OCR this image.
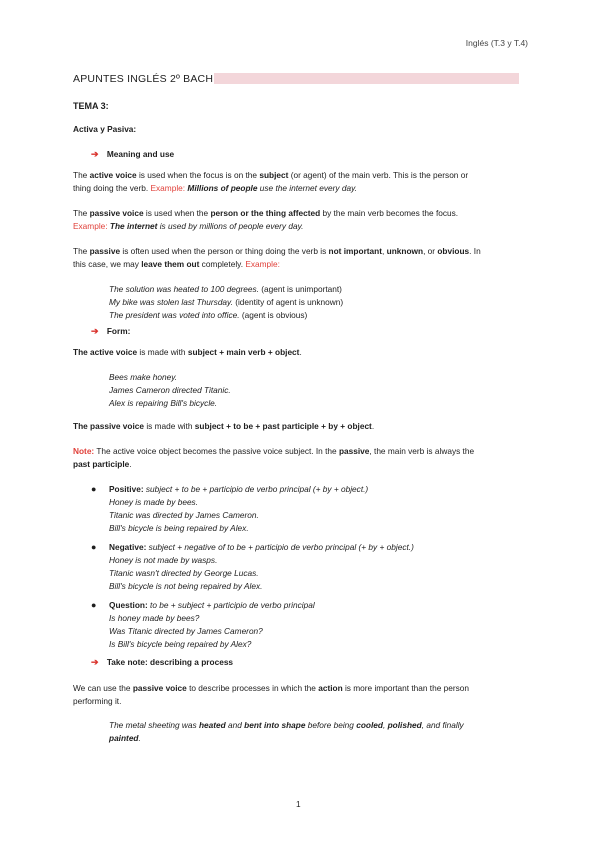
Inglés (T.3 y T.4)
APUNTES INGLÉS 2º BACH
TEMA 3:
Activa y Pasiva:
➔ Meaning and use
The active voice is used when the focus is on the subject (or agent) of the main verb. This is the person or
thing doing the verb. Example: Millions of people use the internet every day.
The passive voice is used when the person or the thing affected by the main verb becomes the focus.
Example: The internet is used by millions of people every day.
The passive is often used when the person or thing doing the verb is not important, unknown, or obvious. In
this case, we may leave them out completely. Example:
The solution was heated to 100 degrees. (agent is unimportant)
My bike was stolen last Thursday. (identity of agent is unknown)
The president was voted into office. (agent is obvious)
➔ Form:
The active voice is made with subject + main verb + object.
Bees make honey.
James Cameron directed Titanic.
Alex is repairing Bill's bicycle.
The passive voice is made with subject + to be + past participle + by + object.
Note: The active voice object becomes the passive voice subject. In the passive, the main verb is always the
past participle.
● Positive: subject + to be + participio de verbo principal (+ by + object.)
Honey is made by bees.
Titanic was directed by James Cameron.
Bill's bicycle is being repaired by Alex.
● Negative: subject + negative of to be + participio de verbo principal (+ by + object.)
Honey is not made by wasps.
Titanic wasn't directed by George Lucas.
Bill's bicycle is not being repaired by Alex.
● Question: to be + subject + participio de verbo principal
Is honey made by bees?
Was Titanic directed by James Cameron?
Is Bill's bicycle being repaired by Alex?
➔ Take note: describing a process
We can use the passive voice to describe processes in which the action is more important than the person
performing it.
The metal sheeting was heated and bent into shape before being cooled, polished, and finally
painted.
1
